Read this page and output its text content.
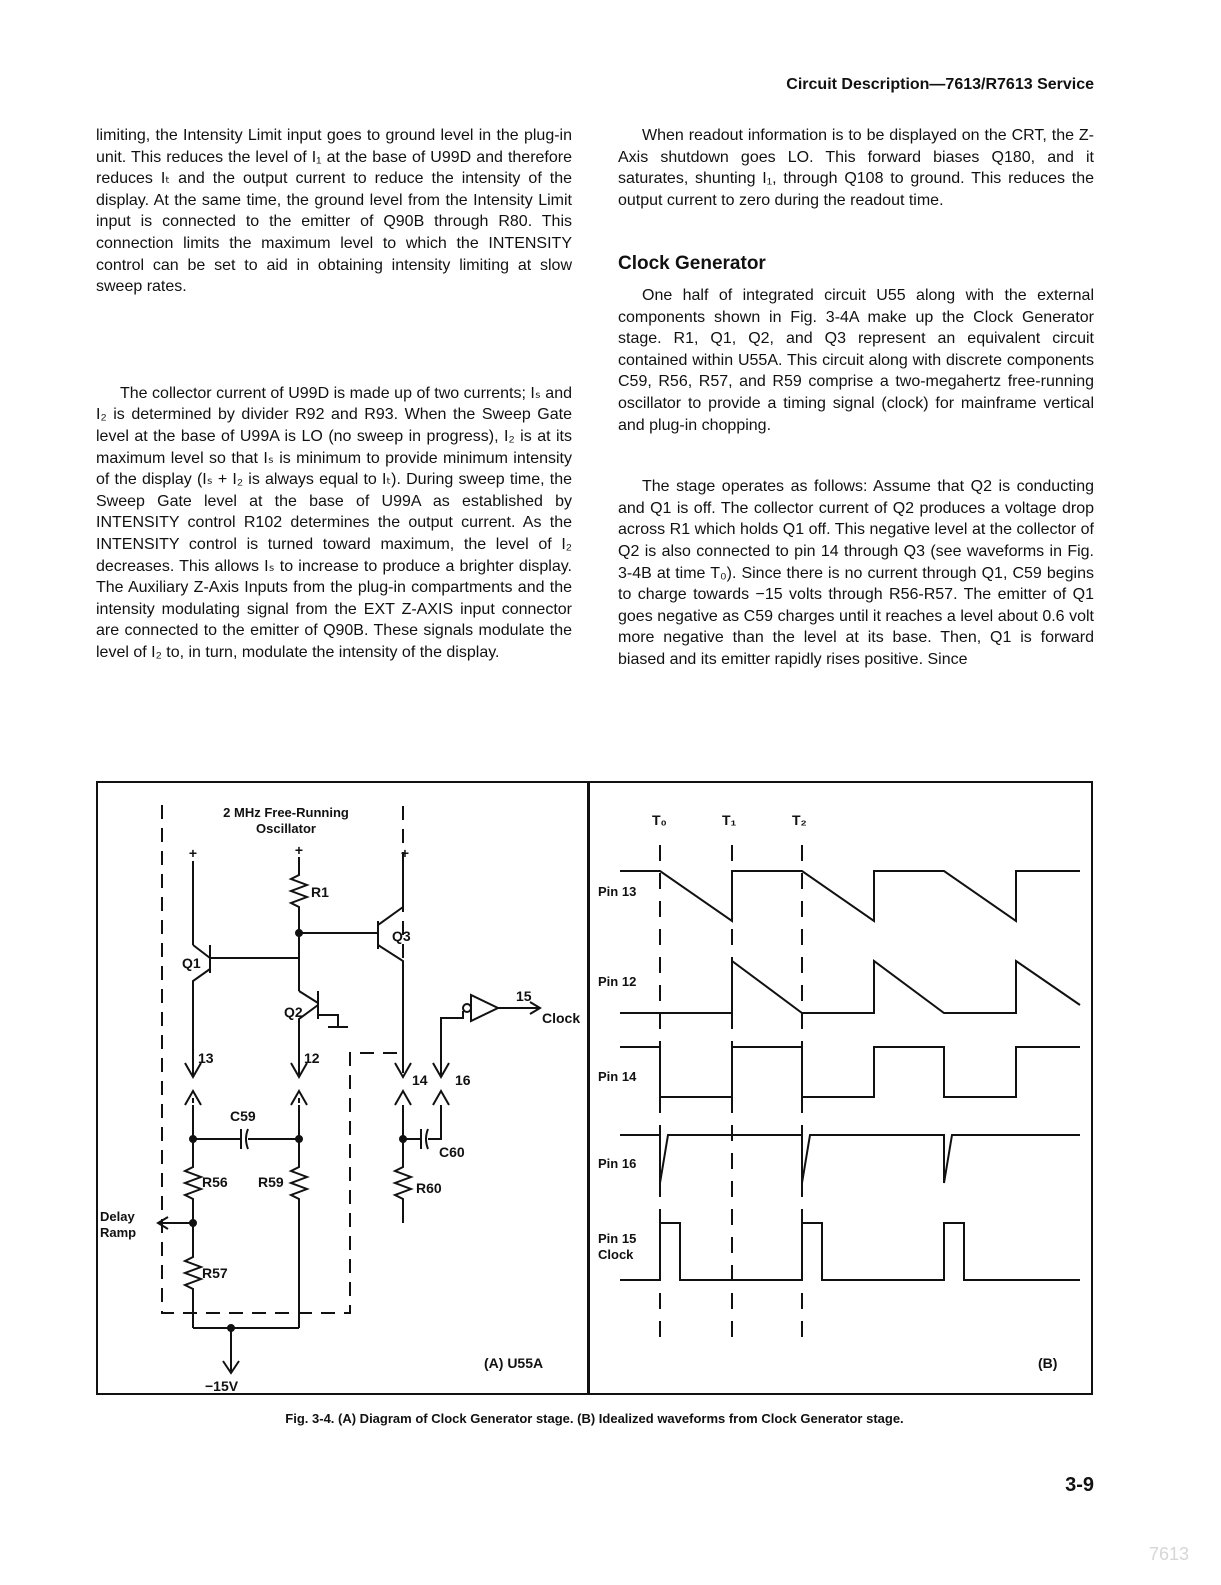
Circuit Description—7613/R7613 Service

limiting, the Intensity Limit input goes to ground level in the plug-in unit. This reduces the level of I₁ at the base of U99D and therefore reduces Iₜ and the output current to reduce the intensity of the display. At the same time, the ground level from the Intensity Limit input is connected to the emitter of Q90B through R80. This connection limits the maximum level to which the INTENSITY control can be set to aid in obtaining intensity limiting at slow sweep rates.

The collector current of U99D is made up of two currents; Iₛ and I₂ is determined by divider R92 and R93. When the Sweep Gate level at the base of U99A is LO (no sweep in progress), I₂ is at its maximum level so that Iₛ is minimum to provide minimum intensity of the display (Iₛ + I₂ is always equal to Iₜ). During sweep time, the Sweep Gate level at the base of U99A as established by INTENSITY control R102 determines the output current. As the INTENSITY control is turned toward maximum, the level of I₂ decreases. This allows Iₛ to increase to produce a brighter display. The Auxiliary Z-Axis Inputs from the plug-in compartments and the intensity modulating signal from the EXT Z-AXIS input connector are connected to the emitter of Q90B. These signals modulate the level of I₂ to, in turn, modulate the intensity of the display.

When readout information is to be displayed on the CRT, the Z-Axis shutdown goes LO. This forward biases Q180, and it saturates, shunting I₁, through Q108 to ground. This reduces the output current to zero during the readout time.

Clock Generator

One half of integrated circuit U55 along with the external components shown in Fig. 3-4A make up the Clock Generator stage. R1, Q1, Q2, and Q3 represent an equivalent circuit contained within U55A. This circuit along with discrete components C59, R56, R57, and R59 comprise a two-megahertz free-running oscillator to provide a timing signal (clock) for mainframe vertical and plug-in chopping.

The stage operates as follows: Assume that Q2 is conducting and Q1 is off. The collector current of Q2 produces a voltage drop across R1 which holds Q1 off. This negative level at the collector of Q2 is also connected to pin 14 through Q3 (see waveforms in Fig. 3-4B at time T₀). Since there is no current through Q1, C59 begins to charge towards −15 volts through R56-R57. The emitter of Q1 goes negative as C59 charges until it reaches a level about 0.6 volt more negative than the level at its base. Then, Q1 is forward biased and its emitter rapidly rises positive. Since

2 MHz Free-Running
Oscillator
+	+	+
R1
Q3
Q1
Q2
13	12
14 16
15
Clock
C59
C60
R56 R59	R60
Delay
Ramp
R57
−15V
(A) U55A
T₀	T₁	T₂
Pin 13
Pin 12
Pin 14
Pin 16
Pin 15
Clock
(B)
Fig. 3-4. (A) Diagram of Clock Generator stage. (B) Idealized waveforms from Clock Generator stage.
3-9
7613
